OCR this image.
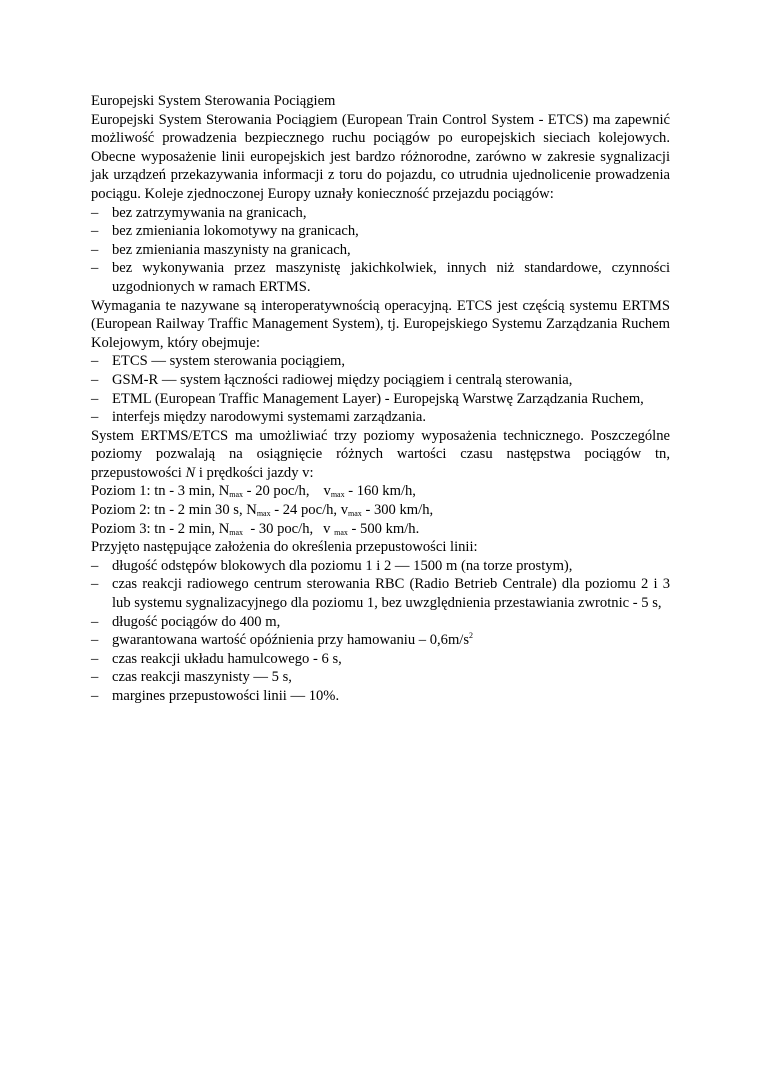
Europejski System Sterowania Pociągiem

Europejski System Sterowania Pociągiem (European Train Control System - ETCS) ma zapewnić możliwość prowadzenia bezpiecznego ruchu pociągów po europejskich sieciach kolejowych. Obecne wyposażenie linii europejskich jest bardzo różnorodne, zarówno w zakresie sygnalizacji jak urządzeń przekazywania informacji z toru do pojazdu, co utrudnia ujednolicenie prowadzenia pociągu. Koleje zjednoczonej Europy uznały konieczność przejazdu pociągów:

– bez zatrzymywania na granicach,
– bez zmieniania lokomotywy na granicach,
– bez zmieniania maszynisty na granicach,
– bez wykonywania przez maszynistę jakichkolwiek, innych niż standardowe, czynności uzgodnionych w ramach ERTMS.

Wymagania te nazywane są interoperatywnością operacyjną. ETCS jest częścią systemu ERTMS (European Railway Traffic Management System), tj. Europejskiego Systemu Zarządzania Ruchem Kolejowym, który obejmuje:

– ETCS — system sterowania pociągiem,
– GSM-R — system łączności radiowej między pociągiem i centralą sterowania,
– ETML (European Traffic Management Layer) - Europejską Warstwę Zarządzania Ruchem,
– interfejs między narodowymi systemami zarządzania.

System ERTMS/ETCS ma umożliwiać trzy poziomy wyposażenia technicznego. Poszczególne poziomy pozwalają na osiągnięcie różnych wartości czasu następstwa pociągów tn, przepustowości N i prędkości jazdy v:

Poziom 1: tn - 3 min, $N_{max} - 20$ poc/h, $v_{max} - 160$ km/h,

Poziom 2: tn - 2 min 30 s, $N_{max} - 24$ poc/h, $v_{max} - 300$ km/h,

Poziom 3: tn - 2 min, $N_{max} - 30$ poc/h, v $_{max}$ - 500 km/h.

Przyjęto następujące założenia do określenia przepustowości linii:

– długość odstępów blokowych dla poziomu 1 i 2 — 1500 m (na torze prostym),
– czas reakcji radiowego centrum sterowania RBC (Radio Betrieb Centrale) dla poziomu 2 i 3 lub systemu sygnalizacyjnego dla poziomu 1, bez uwzględnienia przestawiania zwrotnic - 5 s,
– długość pociągów do 400 m,
– gwarantowana wartość opóźnienia przy hamowaniu – $0,6m/s^2$
– czas reakcji układu hamulcowego - 6 s,
– czas reakcji maszynisty — 5 s,
– margines przepustowości linii — 10%.
